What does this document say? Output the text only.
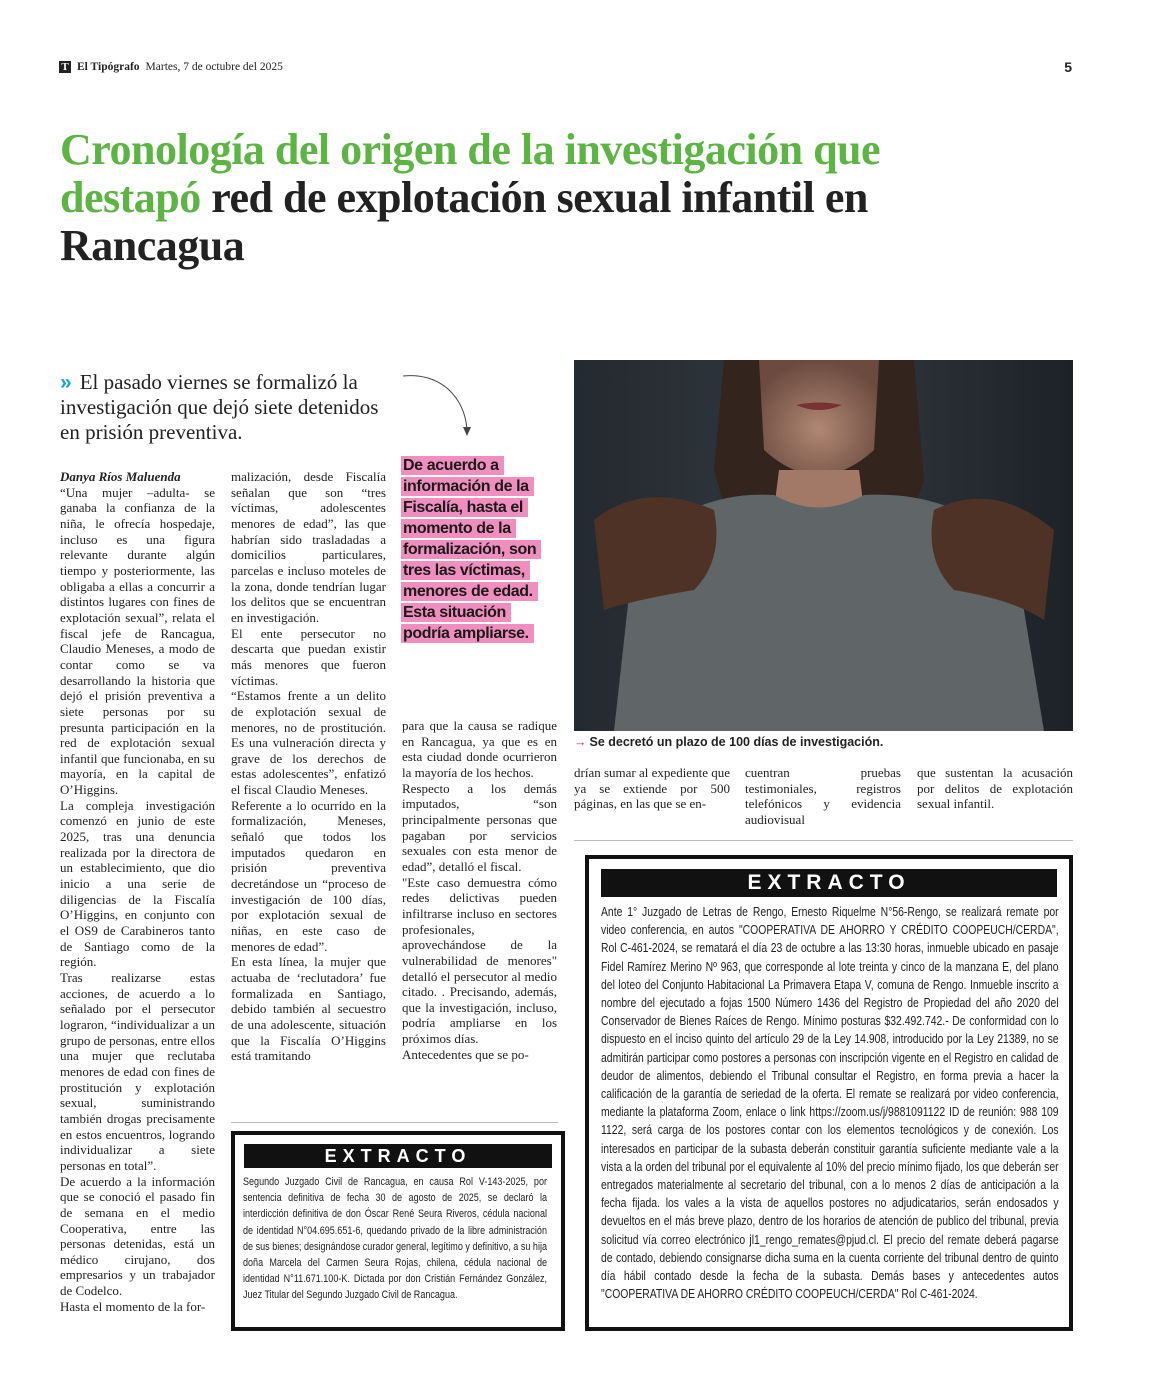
T El Tipógrafo Martes, 7 de octubre del 2025	5
Cronología del origen de la investigación que destapó red de explotación sexual infantil en Rancagua
» El pasado viernes se formalizó la investigación que dejó siete detenidos en prisión preventiva.

Danya Ríos Maluenda

“Una mujer –adulta- se ganaba la confianza de la niña, le ofrecía hospedaje, incluso es una figura relevante durante algún tiempo y posteriormente, las obligaba a ellas a concurrir a distintos lugares con fines de explotación sexual”, relata el fiscal jefe de Rancagua, Claudio Meneses, a modo de contar como se va desarrollando la historia que dejó el prisión preventiva a siete personas por su presunta participación en la red de explotación sexual infantil que funcionaba, en su mayoría, en la capital de O’Higgins.

La compleja investigación comenzó en junio de este 2025, tras una denuncia realizada por la directora de un establecimiento, que dio inicio a una serie de diligencias de la Fiscalía O’Higgins, en conjunto con el OS9 de Carabineros tanto de Santiago como de la región.

Tras realizarse estas acciones, de acuerdo a lo señalado por el persecutor lograron, “individualizar a un grupo de personas, entre ellos una mujer que reclutaba menores de edad con fines de prostitución y explotación sexual, suministrando también drogas precisamente en estos encuentros, logrando individualizar a siete personas en total”.

De acuerdo a la información que se conoció el pasado fin de semana en el medio Cooperativa, entre las personas detenidas, está un médico cirujano, dos empresarios y un trabajador de Codelco.

Hasta el momento de la for-

malización, desde Fiscalía señalan que son “tres víctimas, adolescentes menores de edad”, las que habrían sido trasladadas a domicilios particulares, parcelas e incluso moteles de la zona, donde tendrían lugar los delitos que se encuentran en investigación.

El ente persecutor no descarta que puedan existir más menores que fueron víctimas.

“Estamos frente a un delito de explotación sexual de menores, no de prostitución. Es una vulneración directa y grave de los derechos de estas adolescentes”, enfatizó el fiscal Claudio Meneses.

Referente a lo ocurrido en la formalización, Meneses, señaló que todos los imputados quedaron en prisión preventiva decretándose un “proceso de investigación de 100 días, por explotación sexual de niñas, en este caso de menores de edad”.

En esta línea, la mujer que actuaba de ‘reclutadora’ fue formalizada en Santiago, debido también al secuestro de una adolescente, situación que la Fiscalía O’Higgins está tramitando

De acuerdo a información de la Fiscalía, hasta el momento de la formalización, son tres las víctimas, menores de edad. Esta situación podría ampliarse.

para que la causa se radique en Rancagua, ya que es en esta ciudad donde ocurrieron la mayoría de los hechos.

Respecto a los demás imputados, “son principalmente personas que pagaban por servicios sexuales con esta menor de edad”, detalló el fiscal.

"Este caso demuestra cómo redes delictivas pueden infiltrarse incluso en sectores profesionales, aprovechándose de la vulnerabilidad de menores" detalló el persecutor al medio citado. . Precisando, además, que la investigación, incluso, podría ampliarse en los próximos días.

Antecedentes que se po-

→ Se decretó un plazo de 100 días de investigación.
drían sumar al expediente que ya se extiende por 500 páginas, en las que se en-
cuentran pruebas testimoniales, registros telefónicos y evidencia audiovisual
que sustentan la acusación por delitos de explotación sexual infantil.
EXTRACTO
Segundo Juzgado Civil de Rancagua, en causa Rol V-143-2025, por sentencia definitiva de fecha 30 de agosto de 2025, se declaró la interdicción definitiva de don Óscar René Seura Riveros, cédula nacional de identidad N°04.695.651-6, quedando privado de la libre administración de sus bienes; designándose curador general, legítimo y definitivo, a su hija doña Marcela del Carmen Seura Rojas, chilena, cédula nacional de identidad N°11.671.100-K. Dictada por don Cristián Fernández González, Juez Titular del Segundo Juzgado Civil de Rancagua.
EXTRACTO
Ante 1° Juzgado de Letras de Rengo, Ernesto Riquelme N°56-Rengo, se realizará remate por video conferencia, en autos "COOPERATIVA DE AHORRO Y CRÉDITO COOPEUCH/CERDA", Rol C-461-2024, se rematará el día 23 de octubre a las 13:30 horas, inmueble ubicado en pasaje Fidel Ramírez Merino Nº 963, que corresponde al lote treinta y cinco de la manzana E, del plano del loteo del Conjunto Habitacional La Primavera Etapa V, comuna de Rengo. Inmueble inscrito a nombre del ejecutado a fojas 1500 Número 1436 del Registro de Propiedad del año 2020 del Conservador de Bienes Raíces de Rengo. Mínimo posturas $32.492.742.- De conformidad con lo dispuesto en el inciso quinto del artículo 29 de la Ley 14.908, introducido por la Ley 21389, no se admitirán participar como postores a personas con inscripción vigente en el Registro en calidad de deudor de alimentos, debiendo el Tribunal consultar el Registro, en forma previa a hacer la calificación de la garantía de seriedad de la oferta. El remate se realizará por video conferencia, mediante la plataforma Zoom, enlace o link https://zoom.us/j/9881091122 ID de reunión: 988 109 1122, será carga de los postores contar con los elementos tecnológicos y de conexión. Los interesados en participar de la subasta deberán constituir garantía suficiente mediante vale a la vista a la orden del tribunal por el equivalente al 10% del precio mínimo fijado, los que deberán ser entregados materialmente al secretario del tribunal, con a lo menos 2 días de anticipación a la fecha fijada. los vales a la vista de aquellos postores no adjudicatarios, serán endosados y devueltos en el más breve plazo, dentro de los horarios de atención de publico del tribunal, previa solicitud vía correo electrónico jl1_rengo_remates@pjud.cl. El precio del remate deberá pagarse de contado, debiendo consignarse dicha suma en la cuenta corriente del tribunal dentro de quinto día hábil contado desde la fecha de la subasta. Demás bases y antecedentes autos "COOPERATIVA DE AHORRO CRÉDITO COOPEUCH/CERDA" Rol C-461-2024.
